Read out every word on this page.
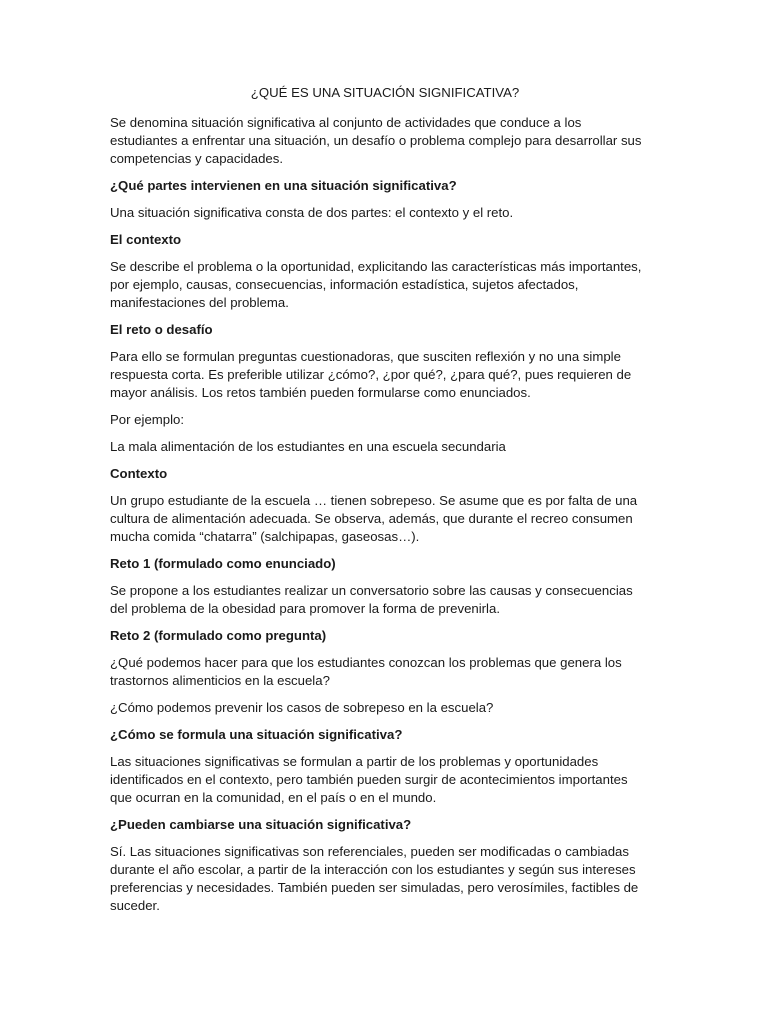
¿QUÉ ES UNA SITUACIÓN SIGNIFICATIVA?
Se denomina situación significativa al conjunto de actividades que conduce a los estudiantes a enfrentar una situación, un desafío o problema complejo para desarrollar sus competencias y capacidades.
¿Qué partes intervienen en una situación significativa?
Una situación significativa consta de dos partes: el contexto y el reto.
El contexto
Se describe el problema o la oportunidad, explicitando las características más importantes, por ejemplo, causas, consecuencias, información estadística, sujetos afectados, manifestaciones del problema.
El reto o desafío
Para ello se formulan preguntas cuestionadoras, que susciten reflexión y no una simple respuesta corta. Es preferible utilizar ¿cómo?, ¿por qué?, ¿para qué?, pues requieren de mayor análisis. Los retos también pueden formularse como enunciados.
Por ejemplo:
La mala alimentación de los estudiantes en una escuela secundaria
Contexto
Un grupo estudiante de la escuela … tienen sobrepeso. Se asume que es por falta de una cultura de alimentación adecuada. Se observa, además, que durante el recreo consumen mucha comida “chatarra” (salchipapas, gaseosas…).
Reto 1 (formulado como enunciado)
Se propone a los estudiantes realizar un conversatorio sobre las causas y consecuencias del problema de la obesidad para promover la forma de prevenirla.
Reto 2 (formulado como pregunta)
¿Qué podemos hacer para que los estudiantes conozcan los problemas que genera los trastornos alimenticios en la escuela?
¿Cómo podemos prevenir los casos de sobrepeso en la escuela?
¿Cómo se formula una situación significativa?
Las situaciones significativas se formulan a partir de los problemas y oportunidades identificados en el contexto, pero también pueden surgir de acontecimientos importantes que ocurran en la comunidad, en el país o en el mundo.
¿Pueden cambiarse una situación significativa?
Sí. Las situaciones significativas son referenciales, pueden ser modificadas o cambiadas durante el año escolar, a partir de la interacción con los estudiantes y según sus intereses preferencias y necesidades. También pueden ser simuladas, pero verosímiles, factibles de suceder.
